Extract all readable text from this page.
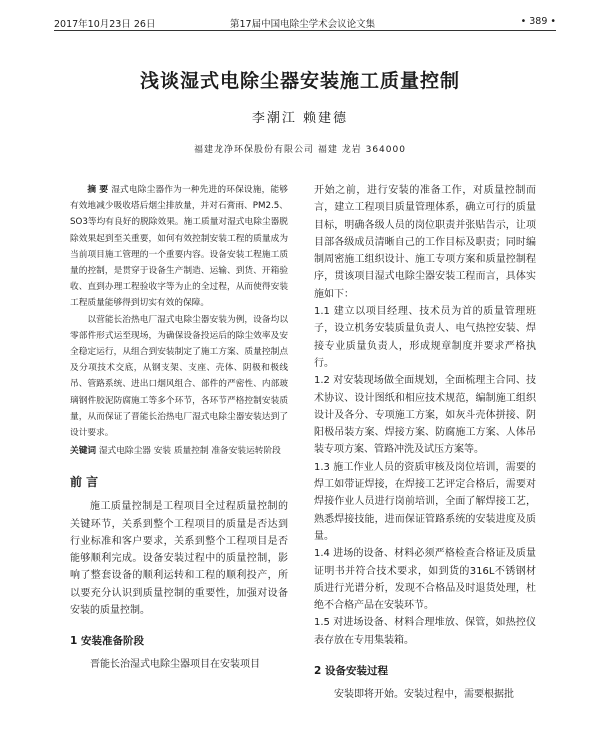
2017年10月23日 26日	第17届中国电除尘学术会议论文集	• 389 •
浅谈湿式电除尘器安装施工质量控制
李潮江 赖建德
福建龙净环保股份有限公司 福建 龙岩 364000

摘 要 湿式电除尘器作为一种先进的环保设施，能够有效地减少吸收塔后烟尘排放量，并对石膏雨、PM2.5、SO3等均有良好的脱除效果。施工质量对湿式电除尘器脱除效果起到至关重要，如何有效控制安装工程的质量成为当前项目施工管理的一个重要内容。设备安装工程施工质量的控制，是贯穿于设备生产制造、运输、到货、开箱验收、直到办理工程验收字等为止的全过程，从而使得安装工程质量能够得到切实有效的保障。

以营能长治热电厂湿式电除尘器安装为例，设备均以零部件形式运至现场，为确保设备投运后的除尘效率及安全稳定运行，从组合到安装制定了施工方案、质量控制点及分项技术交底，从钢支架、支座、壳体、阴极和极线吊、管路系统、进出口烟风组合、部件的严密性、内部玻璃钢件胶泥防腐施工等多个环节，各环节严格控制安装质量，从而保证了晋能长治热电厂湿式电除尘器安装达到了设计要求。

关键词 湿式电除尘器 安装 质量控制 准备安装运转阶段

前 言

施工质量控制是工程项目全过程质量控制的关键环节，关系到整个工程项目的质量是否达到行业标准和客户要求，关系到整个工程项目是否能够顺利完成。设备安装过程中的质量控制，影响了整套设备的顺利运转和工程的顺利投产，所以要充分认识到质量控制的重要性，加强对设备安装的质量控制。

1 安装准备阶段

晋能长治湿式电除尘器项目在安装项目

开始之前，进行安装的准备工作，对质量控制而言，建立工程项目质量管理体系，确立可行的质量目标，明确各级人员的岗位职责并张贴告示，让项目部各级成员清晰自己的工作目标及职责；同时编制周密施工组织设计、施工专项方案和质量控制程序，贯该项目湿式电除尘器安装工程而言，具体实施如下：

1.1 建立以项目经理、技术员为首的质量管理班子，设立机务安装质量负责人、电气热控安装、焊接专业质量负责人，形成规章制度并要求严格执行。

1.2 对安装现场做全面规划，全面梳理主合同、技术协议、设计图纸和相应技术规范，编制施工组织设计及各分、专项施工方案，如灰斗壳体拼接、阴阳极吊装方案、焊接方案、防腐施工方案、人体吊装专项方案、管路冲洗及试压方案等。

1.3 施工作业人员的资质审核及岗位培训，需要的焊工如带证焊接，在焊接工艺评定合格后，需要对焊接作业人员进行岗前培训，全面了解焊接工艺，熟悉焊接技能，进而保证管路系统的安装进度及质量。

1.4 进场的设备、材料必须严格检查合格证及质量证明书并符合技术要求，如到货的316L不锈钢材质进行光谱分析，发现不合格品及时退货处理，杜绝不合格产品在安装环节。

1.5 对进场设备、材料合理堆放、保管，如热控仪表存放在专用集装箱。

2 设备安装过程

安装即将开始。安装过程中，需要根据批
